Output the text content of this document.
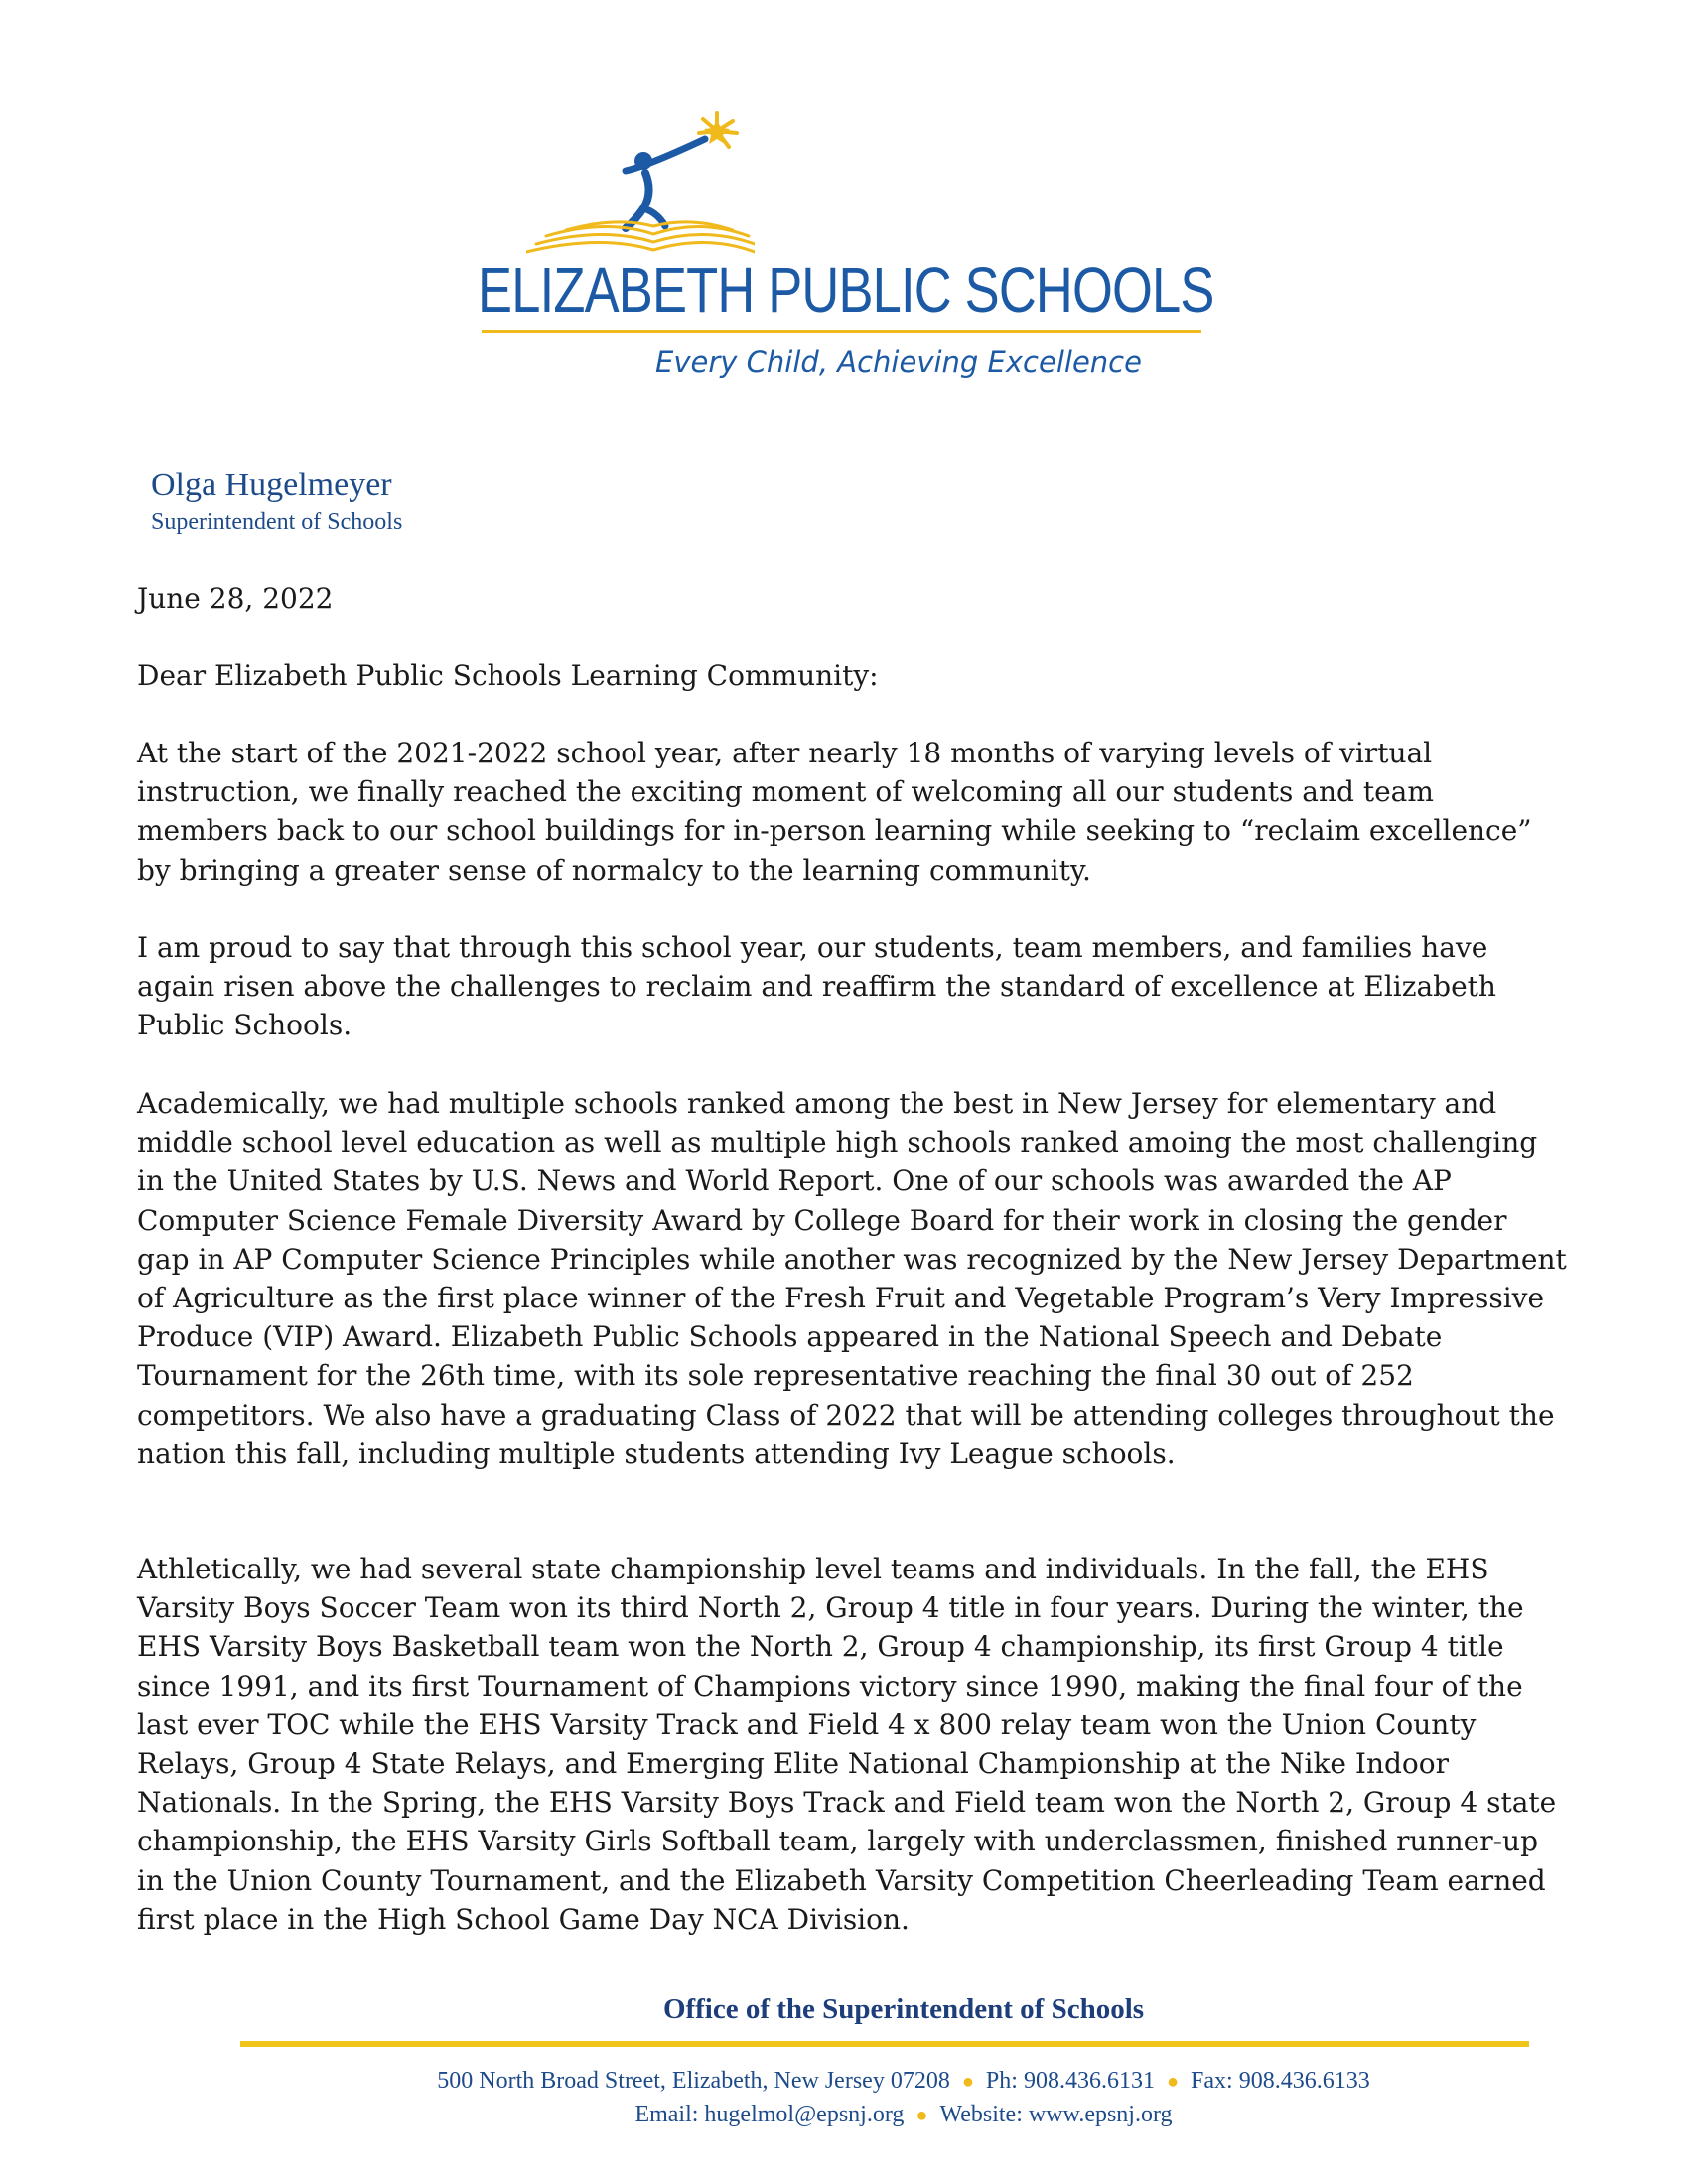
ELIZABETH PUBLIC SCHOOLS
Every Child, Achieving Excellence
Olga Hugelmeyer
Superintendent of Schools

June 28, 2022

Dear Elizabeth Public Schools Learning Community:

At the start of the 2021-2022 school year, after nearly 18 months of varying levels of virtual instruction, we finally reached the exciting moment of welcoming all our students and team members back to our school buildings for in-person learning while seeking to “reclaim excellence” by bringing a greater sense of normalcy to the learning community.

I am proud to say that through this school year, our students, team members, and families have again risen above the challenges to reclaim and reaffirm the standard of excellence at Elizabeth Public Schools.

Academically, we had multiple schools ranked among the best in New Jersey for elementary and middle school level education as well as multiple high schools ranked amoing the most challenging in the United States by U.S. News and World Report. One of our schools was awarded the AP Computer Science Female Diversity Award by College Board for their work in closing the gender gap in AP Computer Science Principles while another was recognized by the New Jersey Department of Agriculture as the first place winner of the Fresh Fruit and Vegetable Program’s Very Impressive Produce (VIP) Award. Elizabeth Public Schools appeared in the National Speech and Debate Tournament for the 26th time, with its sole representative reaching the final 30 out of 252 competitors. We also have a graduating Class of 2022 that will be attending colleges throughout the nation this fall, including multiple students attending Ivy League schools.

Athletically, we had several state championship level teams and individuals. In the fall, the EHS Varsity Boys Soccer Team won its third North 2, Group 4 title in four years. During the winter, the EHS Varsity Boys Basketball team won the North 2, Group 4 championship, its first Group 4 title since 1991, and its first Tournament of Champions victory since 1990, making the final four of the last ever TOC while the EHS Varsity Track and Field 4 x 800 relay team won the Union County Relays, Group 4 State Relays, and Emerging Elite National Championship at the Nike Indoor Nationals. In the Spring, the EHS Varsity Boys Track and Field team won the North 2, Group 4 state championship, the EHS Varsity Girls Softball team, largely with underclassmen, finished runner-up in the Union County Tournament, and the Elizabeth Varsity Competition Cheerleading Team earned first place in the High School Game Day NCA Division.

Office of the Superintendent of Schools
500 North Broad Street, Elizabeth, New Jersey 07208 ● Ph: 908.436.6131 ● Fax: 908.436.6133
Email: hugelmol@epsnj.org ● Website: www.epsnj.org
